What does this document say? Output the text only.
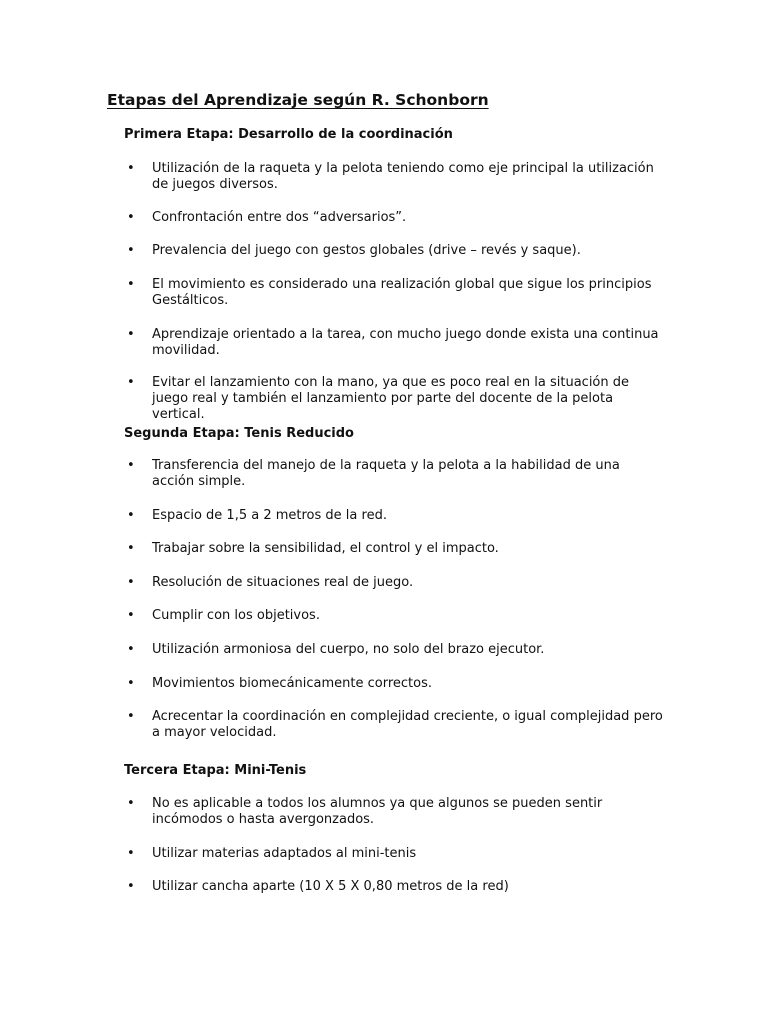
Etapas del Aprendizaje según R. Schonborn
Primera Etapa: Desarrollo de la coordinación
• Utilización de la raqueta y la pelota teniendo como eje principal la utilización de juegos diversos.
• Confrontación entre dos “adversarios”.
• Prevalencia del juego con gestos globales (drive – revés y saque).
• El movimiento es considerado una realización global que sigue los principios Gestálticos.
• Aprendizaje orientado a la tarea, con mucho juego donde exista una continua movilidad.
• Evitar el lanzamiento con la mano, ya que es poco real en la situación de juego real y también el lanzamiento por parte del docente de la pelota vertical.
Segunda Etapa: Tenis Reducido
• Transferencia del manejo de la raqueta y la pelota a la habilidad de una acción simple.
• Espacio de 1,5 a 2 metros de la red.
• Trabajar sobre la sensibilidad, el control y el impacto.
• Resolución de situaciones real de juego.
• Cumplir con los objetivos.
• Utilización armoniosa del cuerpo, no solo del brazo ejecutor.
• Movimientos biomecánicamente correctos.
• Acrecentar la coordinación en complejidad creciente, o igual complejidad pero a mayor velocidad.
Tercera Etapa: Mini-Tenis
• No es aplicable a todos los alumnos ya que algunos se pueden sentir incómodos o hasta avergonzados.
• Utilizar materias adaptados al mini-tenis
• Utilizar cancha aparte (10 X 5 X 0,80 metros de la red)
